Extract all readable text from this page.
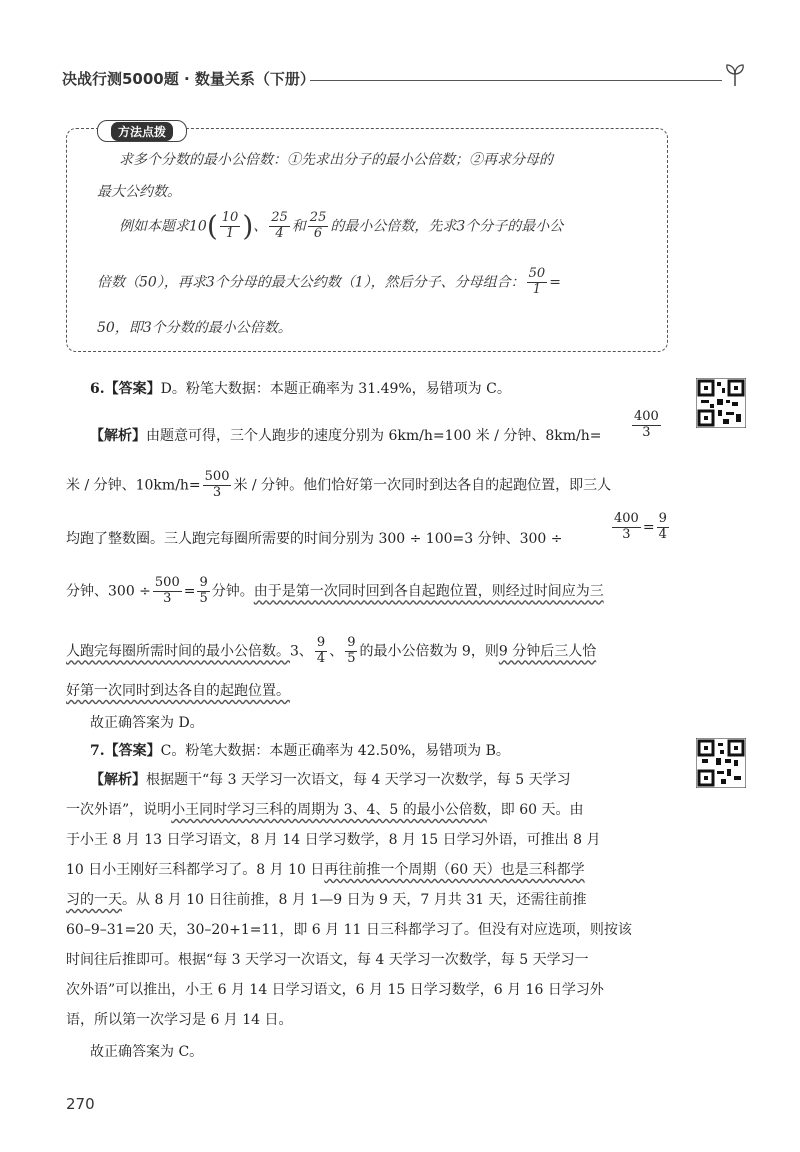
决战行测5000题 · 数量关系（下册）
方法点拨
求多个分数的最小公倍数：①先求出分子的最小公倍数；②再求分母的
最大公约数。
例如本题求$10( \frac{10}{1}$ )、 $\frac{25}{4}$ 和 $\frac{25}{6}$ 的最小公倍数，先求3个分子的最小公
倍数（50），再求3个分母的最大公约数（1），然后分子、分母组合： $\frac{50}{1}$ =
50，即3个分数的最小公倍数。
6.【答案】D。粉笔大数据：本题正确率为 31.49%，易错项为 C。
【解析】由题意可得，三个人跑步的速度分别为 6km/h=100 米 / 分钟、$8km/h= \frac{400}{3}$
米 / 分钟、$10km/h= \frac{500}{3}$ 米 / 分钟。他们恰好第一次同时到达各自的起跑位置，即三人
均跑了整数圈。三人跑完每圈所需要的时间分别为 300 ÷ 100=3 分钟、300 ÷	$\frac{400}{3} = \frac{9}{4}$
分钟、$300 \div \frac{500}{3} = \frac{9}{5}$ 分钟。由于是第一次同时回到各自起跑位置，则经过时间应为三
人跑完每圈所需时间的最小公倍数。3、 $\frac{9}{4}$ 、 $\frac{9}{5}$ 的最小公倍数为 9，则9 分钟后三人恰
好第一次同时到达各自的起跑位置。
故正确答案为 D。
7.【答案】C。粉笔大数据：本题正确率为 42.50%，易错项为 B。
【解析】根据题干“每 3 天学习一次语文，每 4 天学习一次数学，每 5 天学习
一次外语”，说明小王同时学习三科的周期为 3、4、5 的最小公倍数，即 60 天。由
于小王 8 月 13 日学习语文，8 月 14 日学习数学，8 月 15 日学习外语，可推出 8 月
10 日小王刚好三科都学习了。8 月 10 日再往前推一个周期（60 天）也是三科都学
习的一天。从 8 月 10 日往前推，8 月 1—9 日为 9 天，7 月共 31 天，还需往前推
60–9–31=20 天，30–20+1=11，即 6 月 11 日三科都学习了。但没有对应选项，则按该
时间往后推即可。根据“每 3 天学习一次语文，每 4 天学习一次数学，每 5 天学习一
次外语”可以推出，小王 6 月 14 日学习语文，6 月 15 日学习数学，6 月 16 日学习外
语，所以第一次学习是 6 月 14 日。
故正确答案为 C。
270
